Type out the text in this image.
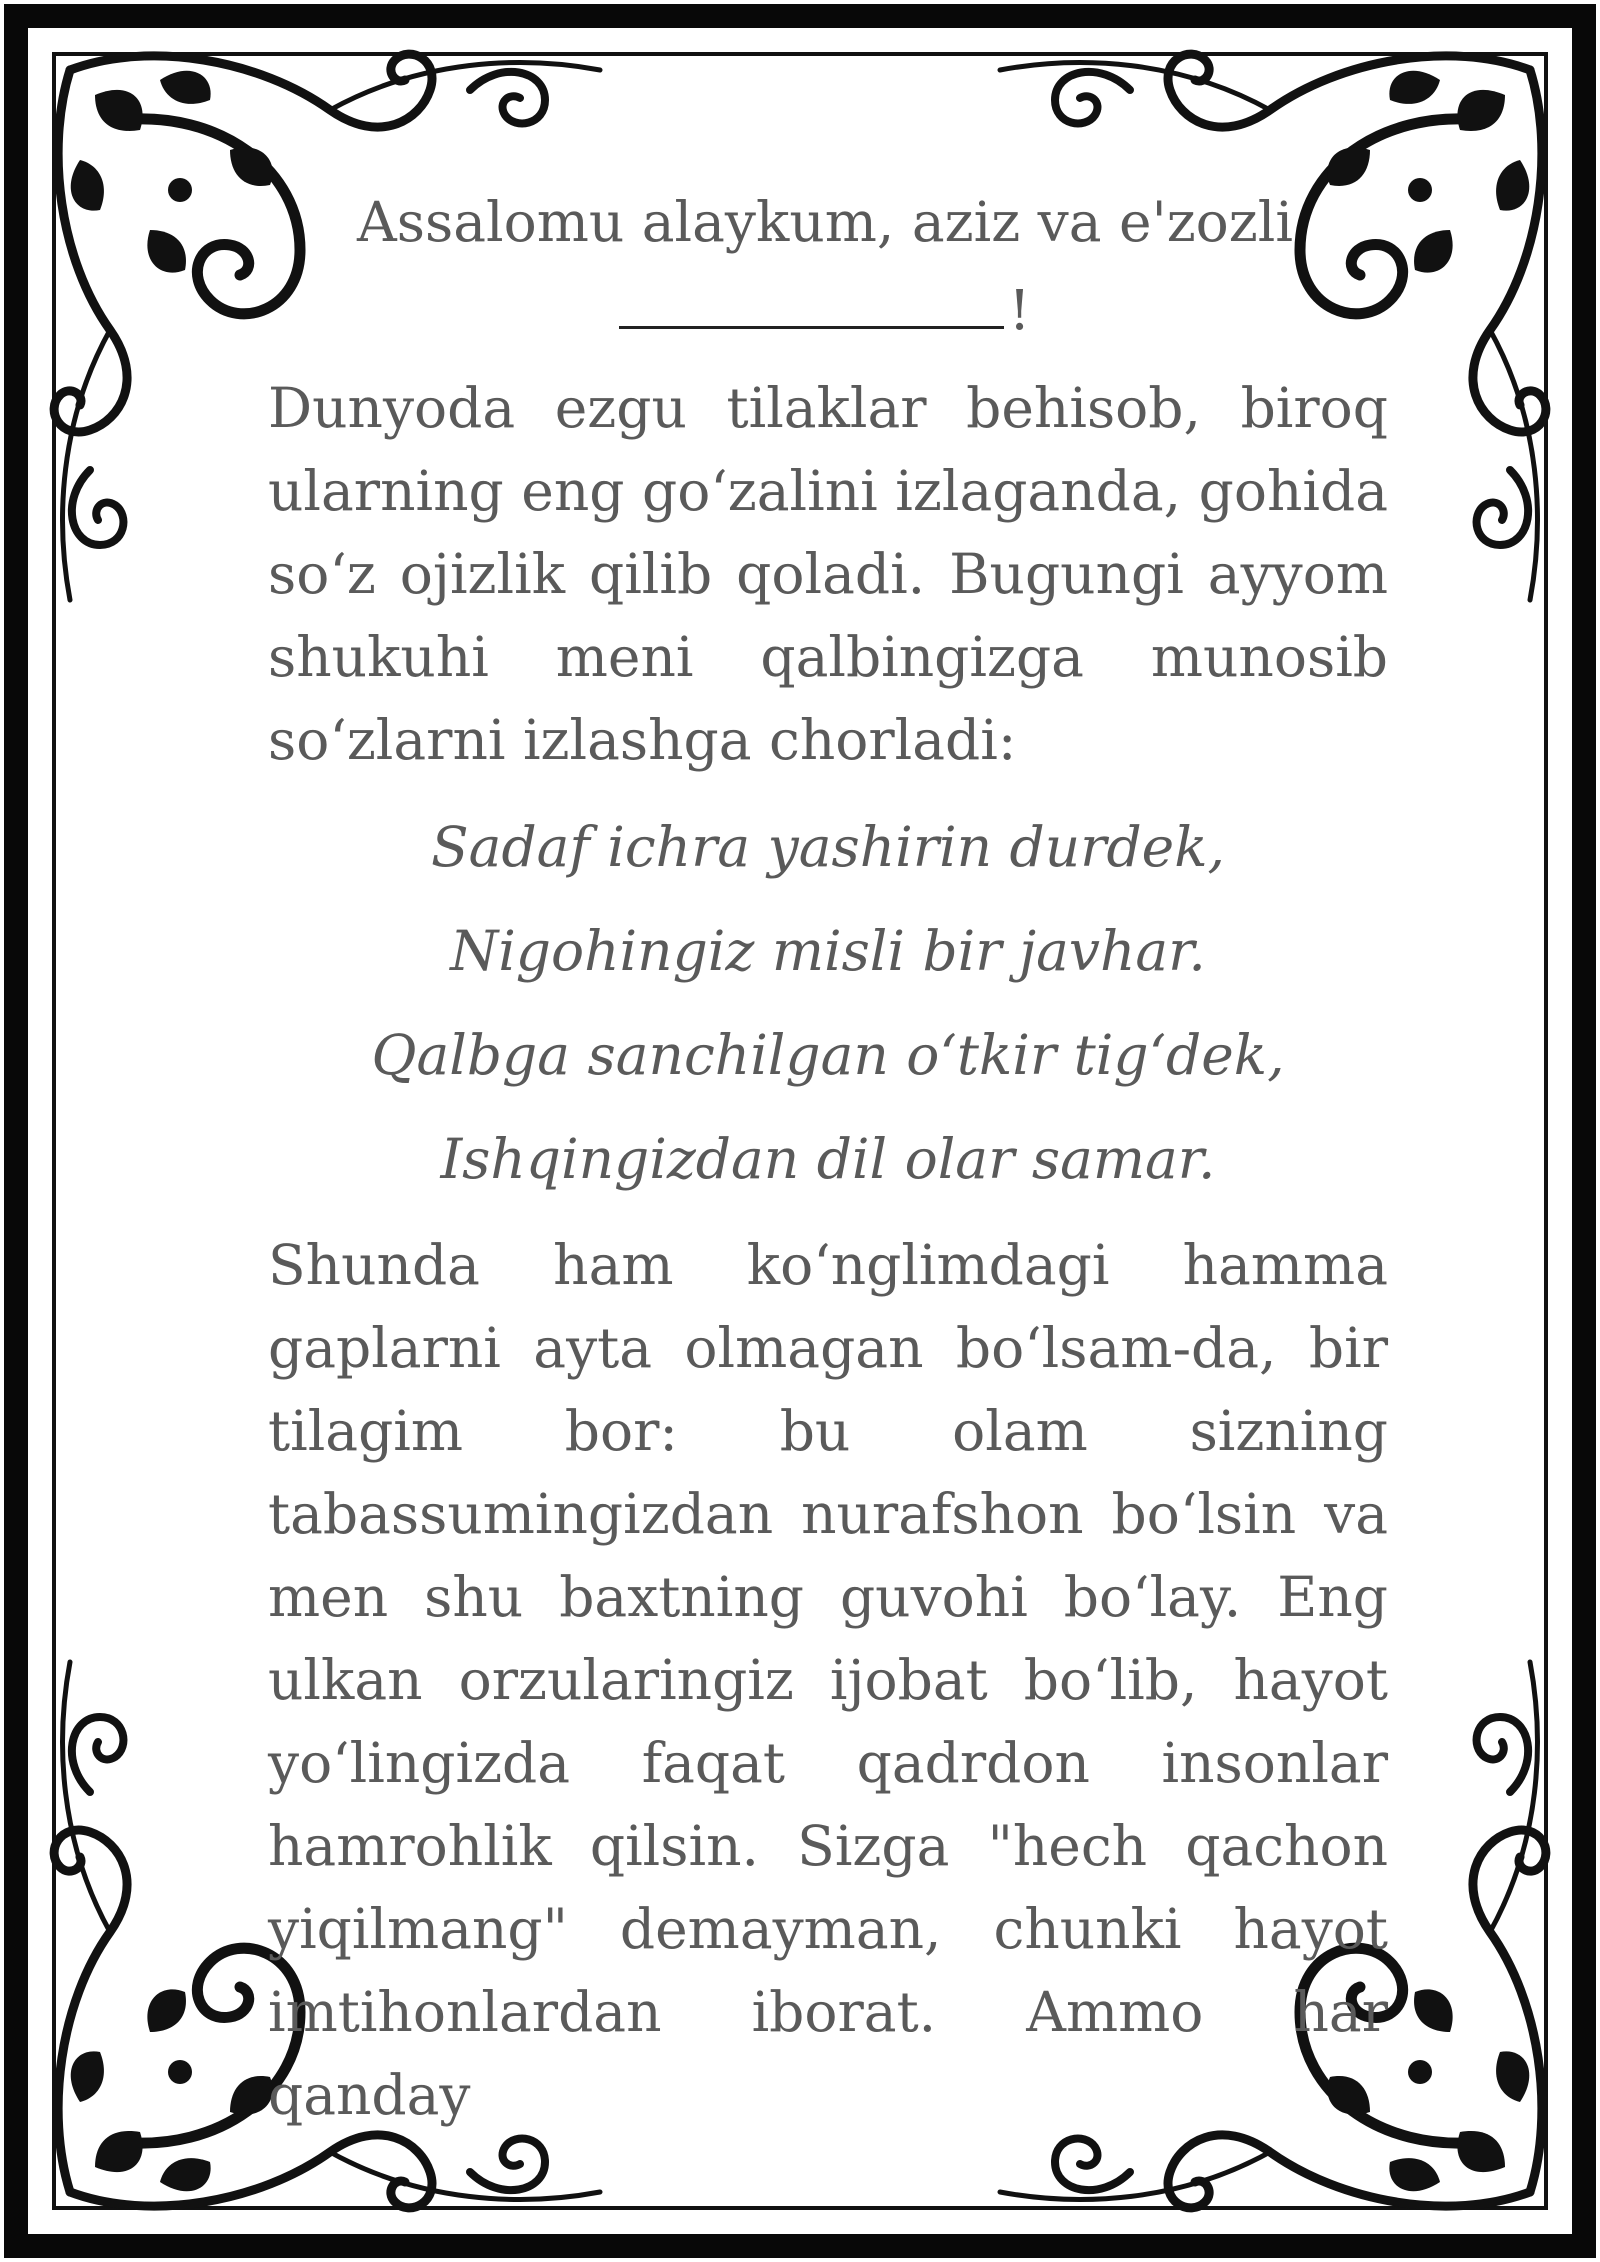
Assalomu alaykum, aziz va e'zozli
!

Dunyoda ezgu tilaklar behisob, biroq ularning eng go‘zalini izlaganda, gohida so‘z ojizlik qilib qoladi. Bugungi ayyom shukuhi meni qalbingizga munosib so‘zlarni izlashga chorladi:

Sadaf ichra yashirin durdek,
Nigohingiz misli bir javhar.
Qalbga sanchilgan o‘tkir tig‘dek,
Ishqingizdan dil olar samar.

Shunda ham ko‘nglimdagi hamma gaplarni ayta olmagan bo‘lsam-da, bir tilagim bor: bu olam sizning tabassumingizdan nurafshon bo‘lsin va men shu baxtning guvohi bo‘lay. Eng ulkan orzularingiz ijobat bo‘lib, hayot yo‘lingizda faqat qadrdon insonlar hamrohlik qilsin. Sizga "hech qachon yiqilmang" demayman, chunki hayot imtihonlardan iborat. Ammo har qanday
